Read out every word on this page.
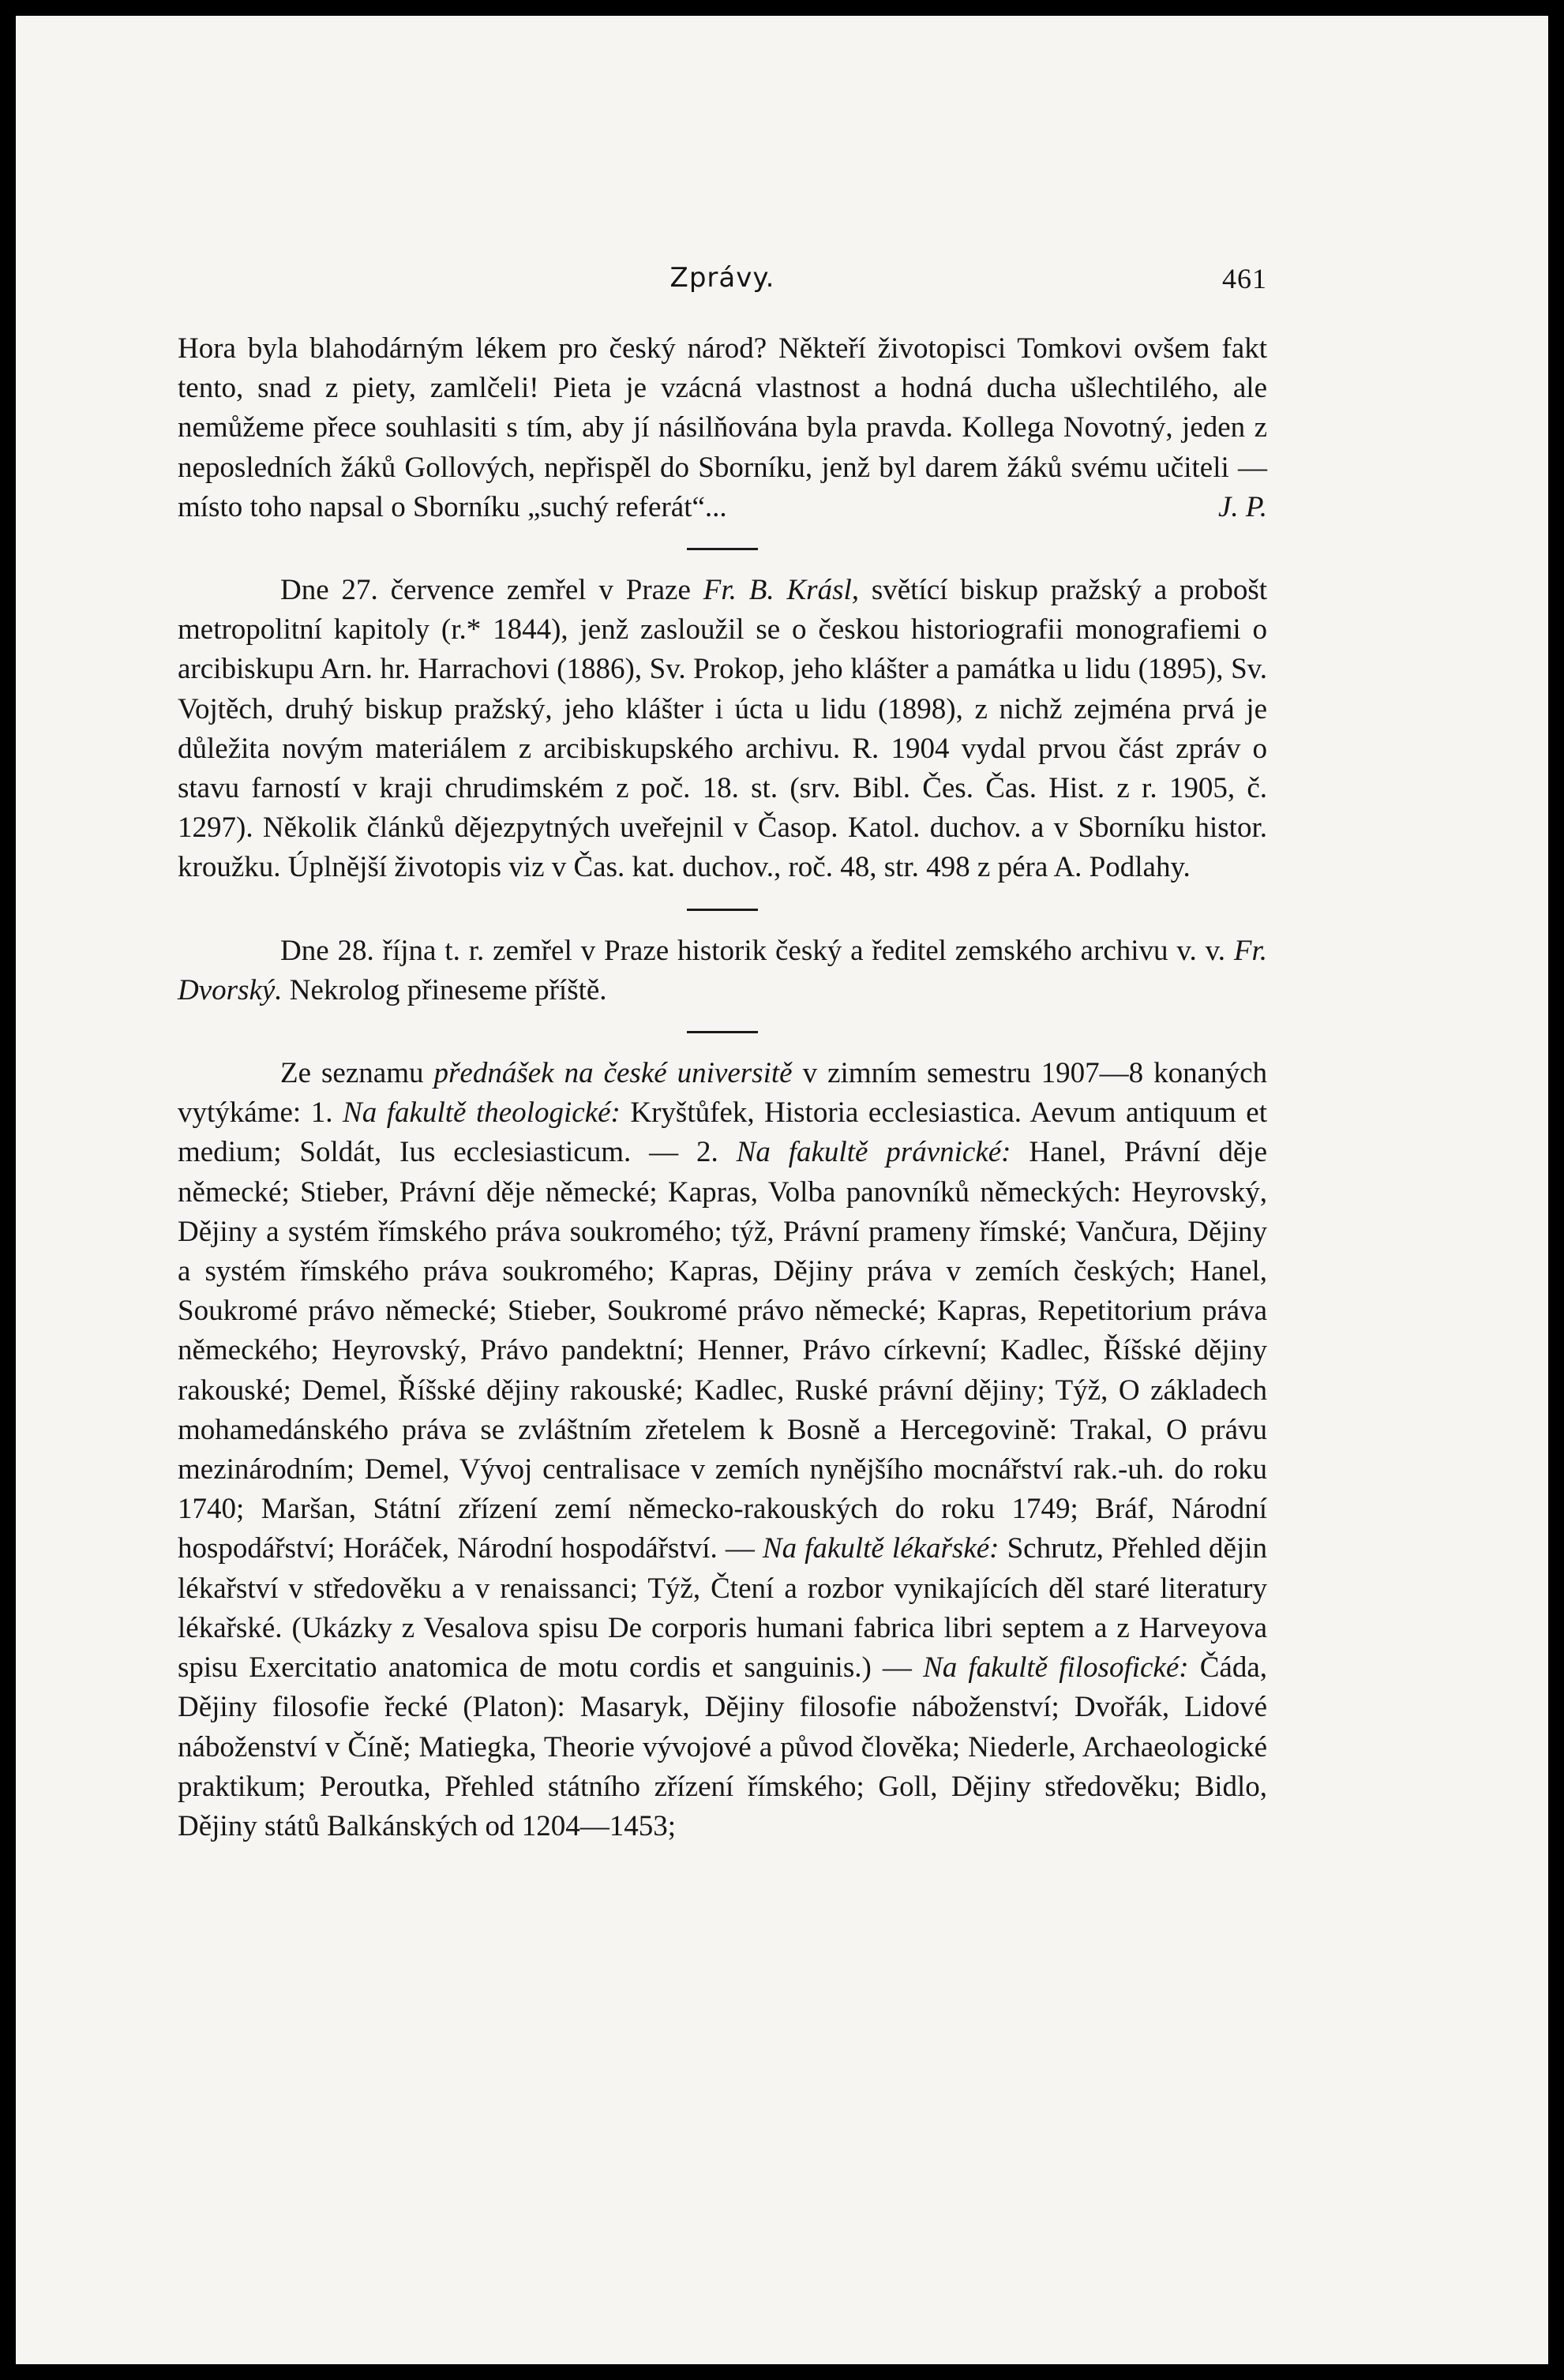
Zprávy.	461

Hora byla blahodárným lékem pro český národ? Někteří životopisci Tomkovi ovšem fakt tento, snad z piety, zamlčeli! Pieta je vzácná vlastnost a hodná ducha ušlechtilého, ale nemůžeme přece souhlasiti s tím, aby jí násilňována byla pravda. Kollega Novotný, jeden z neposledních žáků Gollových, nepřispěl do Sborníku, jenž byl darem žáků svému učiteli — místo toho napsal o Sborníku „suchý referát“...	J. P.

Dne 27. července zemřel v Praze Fr. B. Krásl, světící biskup pražský a probošt metropolitní kapitoly (r.* 1844), jenž zasloužil se o českou historiografii monografiemi o arcibiskupu Arn. hr. Harrachovi (1886), Sv. Prokop, jeho klášter a památka u lidu (1895), Sv. Vojtěch, druhý biskup pražský, jeho klášter i úcta u lidu (1898), z nichž zejména prvá je důležita novým materiálem z arcibiskupského archivu. R. 1904 vydal prvou část zpráv o stavu farností v kraji chrudimském z poč. 18. st. (srv. Bibl. Čes. Čas. Hist. z r. 1905, č. 1297). Několik článků dějezpytných uveřejnil v Časop. Katol. duchov. a v Sborníku histor. kroužku. Úplnější životopis viz v Čas. kat. duchov., roč. 48, str. 498 z péra A. Podlahy.

Dne 28. října t. r. zemřel v Praze historik český a ředitel zemského archivu v. v. Fr. Dvorský. Nekrolog přineseme příště.

Ze seznamu přednášek na české universitě v zimním semestru 1907—8 konaných vytýkáme: 1. Na fakultě theologické: Kryštůfek, Historia ecclesiastica. Aevum antiquum et medium; Soldát, Ius ecclesiasticum. — 2. Na fakultě právnické: Hanel, Právní děje německé; Stieber, Právní děje německé; Kapras, Volba panovníků německých: Heyrovský, Dějiny a systém římského práva soukromého; týž, Právní prameny římské; Vančura, Dějiny a systém římského práva soukromého; Kapras, Dějiny práva v zemích českých; Hanel, Soukromé právo německé; Stieber, Soukromé právo německé; Kapras, Repetitorium práva německého; Heyrovský, Právo pandektní; Henner, Právo církevní; Kadlec, Říšské dějiny rakouské; Demel, Říšské dějiny rakouské; Kadlec, Ruské právní dějiny; Týž, O základech mohamedánského práva se zvláštním zřetelem k Bosně a Hercegovině: Trakal, O právu mezinárodním; Demel, Vývoj centralisace v zemích nynějšího mocnářství rak.-uh. do roku 1740; Maršan, Státní zřízení zemí německo-rakouských do roku 1749; Bráf, Národní hospodářství; Horáček, Národní hospodářství. — Na fakultě lékařské: Schrutz, Přehled dějin lékařství v středověku a v renaissanci; Týž, Čtení a rozbor vynikajících děl staré literatury lékařské. (Ukázky z Vesalova spisu De corporis humani fabrica libri septem a z Harveyova spisu Exercitatio anatomica de motu cordis et sanguinis.) — Na fakultě filosofické: Čáda, Dějiny filosofie řecké (Platon): Masaryk, Dějiny filosofie náboženství; Dvořák, Lidové náboženství v Číně; Matiegka, Theorie vývojové a původ člověka; Niederle, Archaeologické praktikum; Peroutka, Přehled státního zřízení římského; Goll, Dějiny středověku; Bidlo, Dějiny států Balkánských od 1204—1453;
